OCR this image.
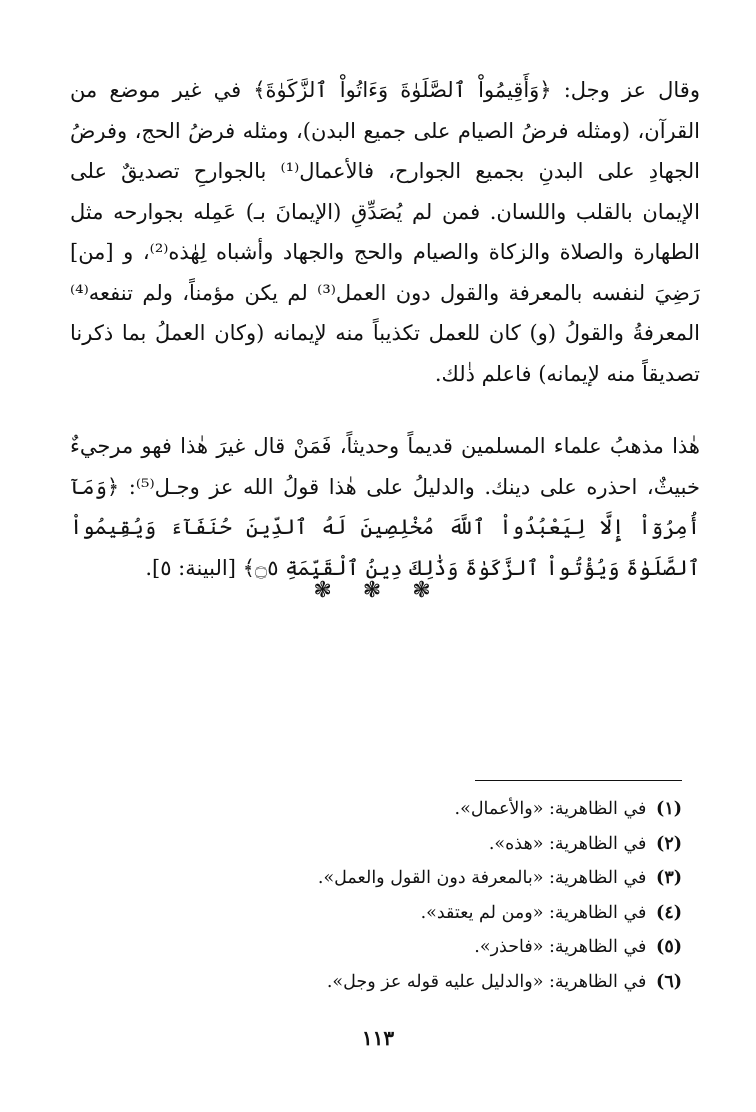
وقال عز وجل: ﴿وَأَقِيمُواْ ٱلصَّلَوٰةَ وَءَاتُواْ ٱلزَّكَوٰةَ﴾ في غير موضع من القرآن، (ومثله فرضُ الصيام على جميع البدن)، ومثله فرضُ الحج، وفرضُ الجهادِ على البدنِ بجميع الجوارح، فالأعمال⁽¹⁾ بالجوارحِ تصديقٌ على الإيمان بالقلب واللسان. فمن لم يُصَدِّقِ (الإيمانَ بـ) عَمِله بجوارحه مثل الطهارة والصلاة والزكاة والصيام والحج والجهاد وأشباه لِهٰذه⁽²⁾، و [من] رَضِيَ لنفسه بالمعرفة والقول دون العمل⁽³⁾ لم يكن مؤمناً، ولم تنفعه⁽⁴⁾ المعرفةُ والقولُ (و) كان للعمل تكذيباً منه لإيمانه (وكان العملُ بما ذكرنا تصديقاً منه لإيمانه) فاعلم ذٰلك.

هٰذا مذهبُ علماء المسلمين قديماً وحديثاً، فَمَنْ قال غيرَ هٰذا فهو مرجيءٌ خبيثٌ، احذره على دينك. والدليلُ على هٰذا قولُ الله عز وجـل⁽⁵⁾: ﴿وَمَآ أُمِرُوٓاْ إِلَّا لِيَعْبُدُواْ ٱللَّهَ مُخْلِصِينَ لَهُ ٱلدِّينَ حُنَفَآءَ وَيُقِيمُواْ ٱلصَّلَوٰةَ وَيُؤْتُواْ ٱلزَّكَوٰةَ وَذَٰلِكَ دِينُ ٱلْقَيِّمَةِ ۝٥﴾ [البينة: ٥].

❃ ❃ ❃
(١) في الظاهرية: «والأعمال».
(٢) في الظاهرية: «هذه».
(٣) في الظاهرية: «بالمعرفة دون القول والعمل».
(٤) في الظاهرية: «ومن لم يعتقد».
(٥) في الظاهرية: «فاحذر».
(٦) في الظاهرية: «والدليل عليه قوله عز وجل».
١١٣
